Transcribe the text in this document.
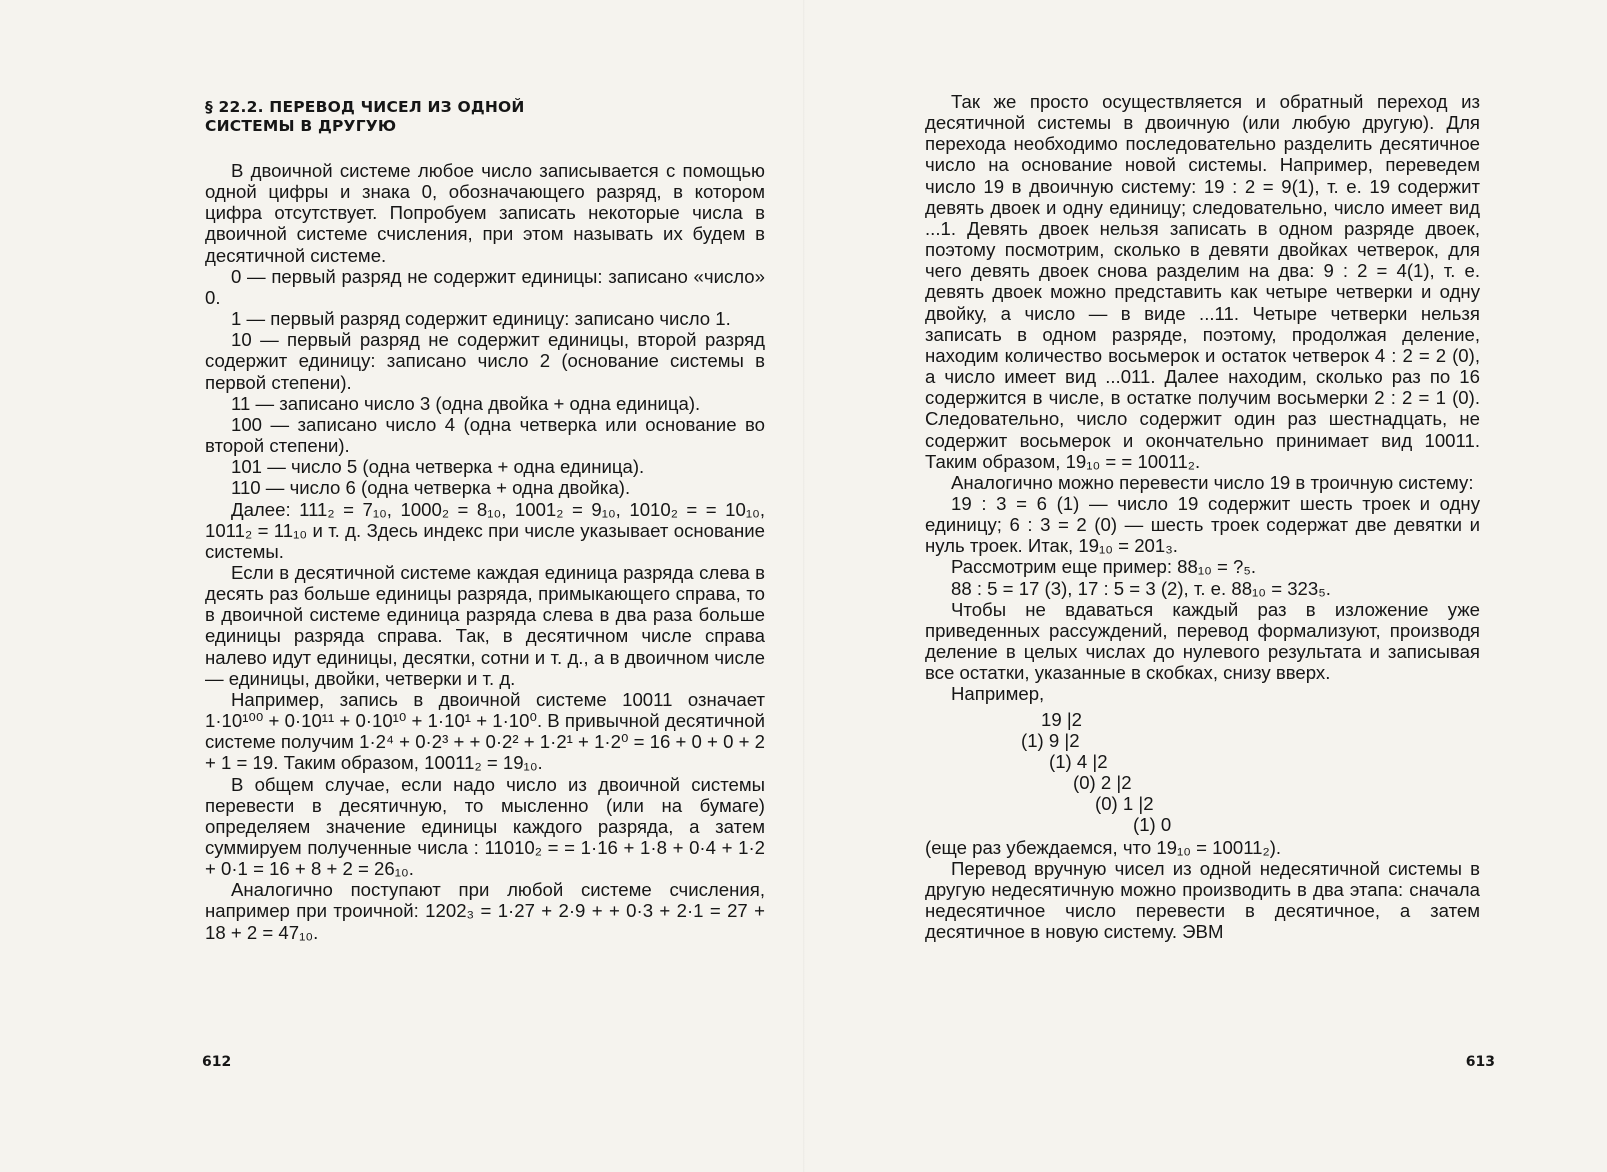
§ 22.2. ПЕРЕВОД ЧИСЕЛ ИЗ ОДНОЙ
СИСТЕМЫ В ДРУГУЮ

В двоичной системе любое число записывается с помощью одной цифры и знака 0, обозначающего разряд, в котором цифра отсутствует. Попробуем записать некоторые числа в двоичной системе счисления, при этом называть их будем в десятичной системе.

0 — первый разряд не содержит единицы: записано «число» 0.

1 — первый разряд содержит единицу: записано число 1.

10 — первый разряд не содержит единицы, второй разряд содержит единицу: записано число 2 (основание системы в первой степени).

11 — записано число 3 (одна двойка + одна единица).

100 — записано число 4 (одна четверка или основание во второй степени).

101 — число 5 (одна четверка + одна единица).

110 — число 6 (одна четверка + одна двойка).

Далее: 111₂ = 7₁₀, 1000₂ = 8₁₀, 1001₂ = 9₁₀, 1010₂ = = 10₁₀, 1011₂ = 11₁₀ и т. д. Здесь индекс при числе указывает основание системы.

Если в десятичной системе каждая единица разряда слева в десять раз больше единицы разряда, примыкающего справа, то в двоичной системе единица разряда слева в два раза больше единицы разряда справа. Так, в десятичном числе справа налево идут единицы, десятки, сотни и т. д., а в двоичном числе — единицы, двойки, четверки и т. д.

Например, запись в двоичной системе 10011 означает 1·10¹⁰⁰ + 0·10¹¹ + 0·10¹⁰ + 1·10¹ + 1·10⁰. В привычной десятичной системе получим 1·2⁴ + 0·2³ + + 0·2² + 1·2¹ + 1·2⁰ = 16 + 0 + 0 + 2 + 1 = 19. Таким образом, 10011₂ = 19₁₀.

В общем случае, если надо число из двоичной системы перевести в десятичную, то мысленно (или на бумаге) определяем значение единицы каждого разряда, а затем суммируем полученные числа : 11010₂ = = 1·16 + 1·8 + 0·4 + 1·2 + 0·1 = 16 + 8 + 2 = 26₁₀.

Аналогично поступают при любой системе счисления, например при троичной: 1202₃ = 1·27 + 2·9 + + 0·3 + 2·1 = 27 + 18 + 2 = 47₁₀.

612

Так же просто осуществляется и обратный переход из десятичной системы в двоичную (или любую другую). Для перехода необходимо последовательно разделить десятичное число на основание новой системы. Например, переведем число 19 в двоичную систему: 19 : 2 = 9(1), т. е. 19 содержит девять двоек и одну единицу; следовательно, число имеет вид ...1. Девять двоек нельзя записать в одном разряде двоек, поэтому посмотрим, сколько в девяти двойках четверок, для чего девять двоек снова разделим на два: 9 : 2 = 4(1), т. е. девять двоек можно представить как четыре четверки и одну двойку, а число — в виде ...11. Четыре четверки нельзя записать в одном разряде, поэтому, продолжая деление, находим количество восьмерок и остаток четверок 4 : 2 = 2 (0), а число имеет вид ...011. Далее находим, сколько раз по 16 содержится в числе, в остатке получим восьмерки 2 : 2 = 1 (0). Следовательно, число содержит один раз шестнадцать, не содержит восьмерок и окончательно принимает вид 10011. Таким образом, 19₁₀ = = 10011₂.

Аналогично можно перевести число 19 в троичную систему:

19 : 3 = 6 (1) — число 19 содержит шесть троек и одну единицу; 6 : 3 = 2 (0) — шесть троек содержат две девятки и нуль троек. Итак, 19₁₀ = 201₃.

Рассмотрим еще пример: 88₁₀ = ?₅.

88 : 5 = 17 (3), 17 : 5 = 3 (2), т. е. 88₁₀ = 323₅.

Чтобы не вдаваться каждый раз в изложение уже приведенных рассуждений, перевод формализуют, производя деление в целых числах до нулевого результата и записывая все остатки, указанные в скобках, снизу вверх.

Например,

19 |2
(1) 9 |2
(1) 4 |2
(0) 2 |2
(0) 1 |2
(1) 0

(еще раз убеждаемся, что 19₁₀ = 10011₂).

Перевод вручную чисел из одной недесятичной системы в другую недесятичную можно производить в два этапа: сначала недесятичное число перевести в десятичное, а затем десятичное в новую систему. ЭВМ

613
